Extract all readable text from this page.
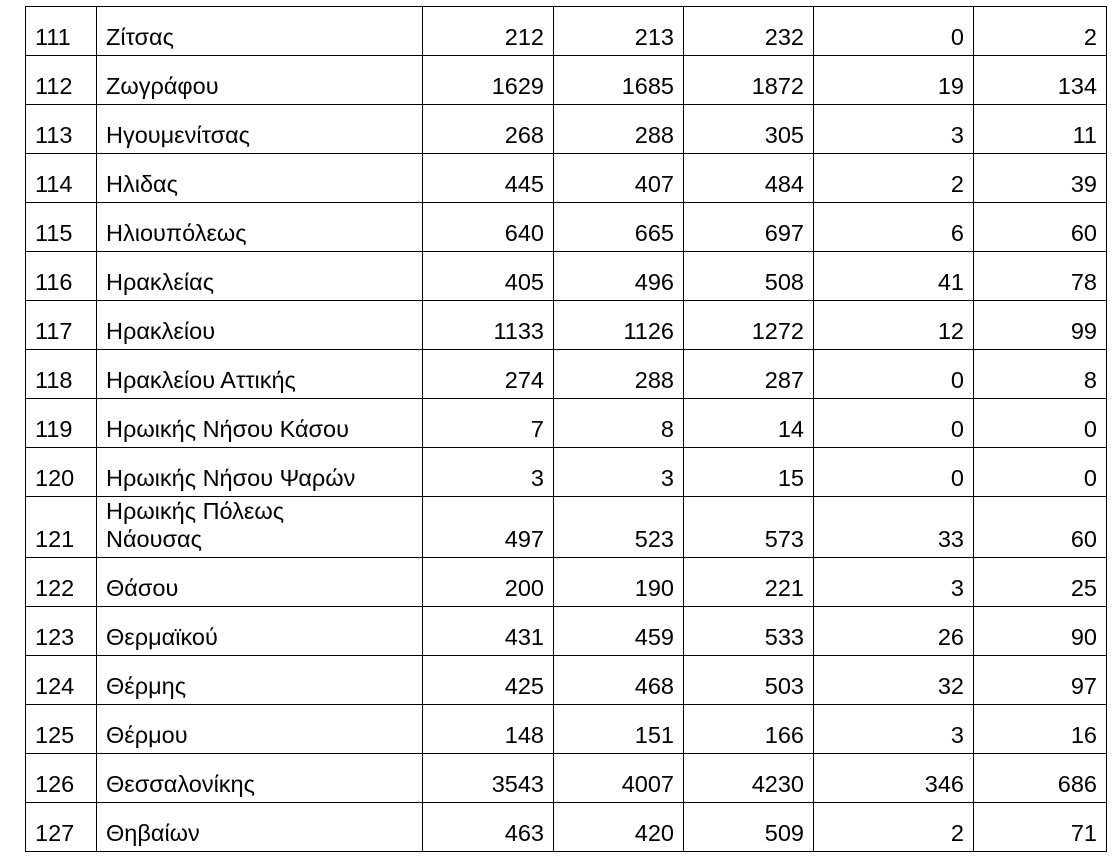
111	Ζίτσας	212	213	232	0	2
112	Ζωγράφου	1629	1685	1872	19	134
113	Ηγουμενίτσας	268	288	305	3	11
114	Ηλιδας	445	407	484	2	39
115	Ηλιουπόλεως	640	665	697	6	60
116	Ηρακλείας	405	496	508	41	78
117	Ηρακλείου	1133	1126	1272	12	99
118	Ηρακλείου Αττικής	274	288	287	0	8
119	Ηρωικής Νήσου Κάσου	7	8	14	0	0
120	Ηρωικής Νήσου Ψαρών	3	3	15	0	0
121	Ηρωικής Πόλεως
Νάουσας	497	523	573	33	60
122	Θάσου	200	190	221	3	25
123	Θερμαϊκού	431	459	533	26	90
124	Θέρμης	425	468	503	32	97
125	Θέρμου	148	151	166	3	16
126	Θεσσαλονίκης	3543	4007	4230	346	686
127	Θηβαίων	463	420	509	2	71
